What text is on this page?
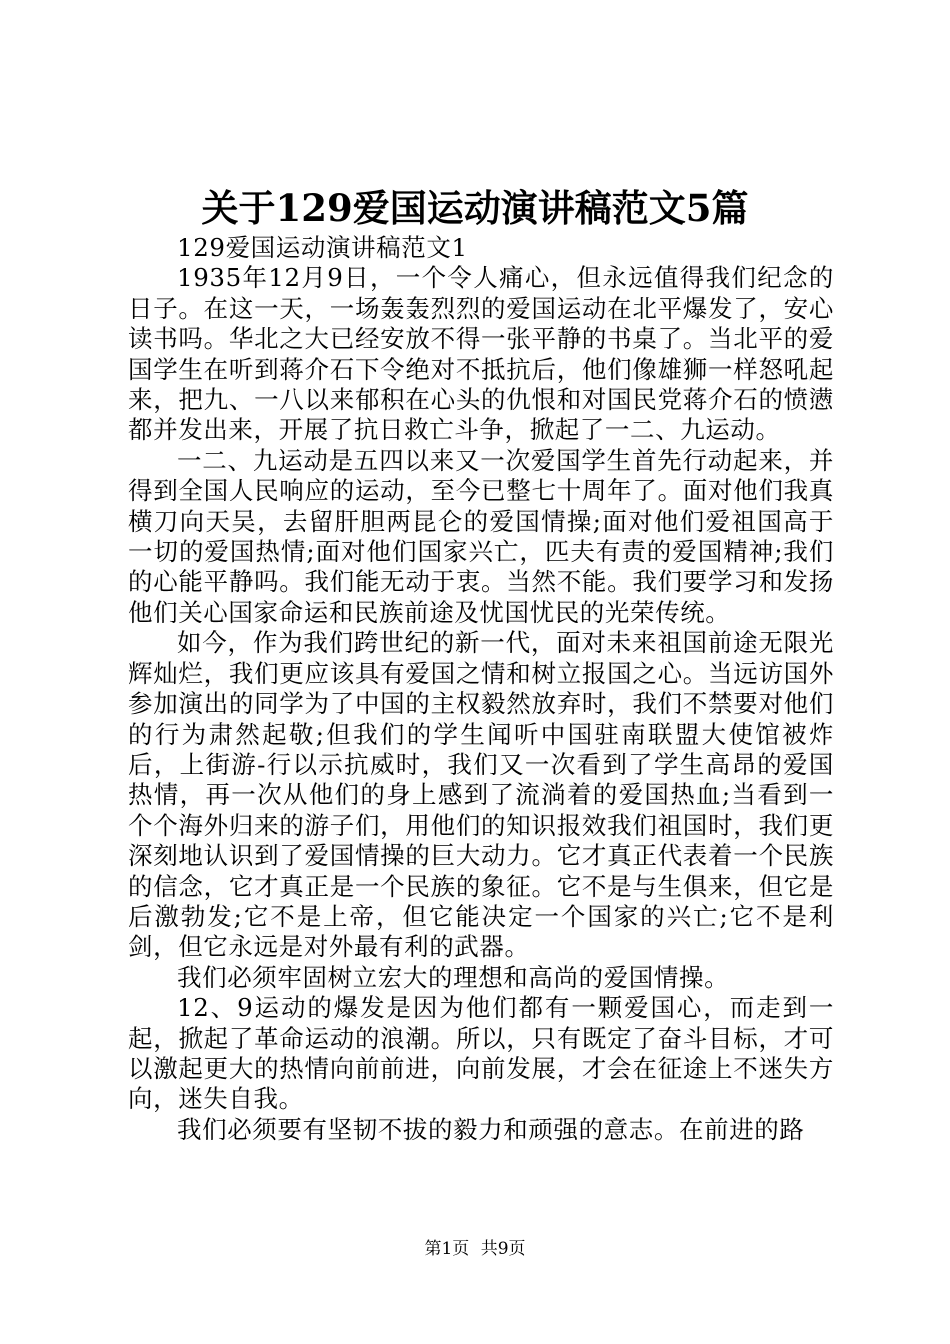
关于129爱国运动演讲稿范文5篇

129爱国运动演讲稿范文1

1935年12月9日，一个令人痛心，但永远值得我们纪念的日子。在这一天，一场轰轰烈烈的爱国运动在北平爆发了，安心读书吗。华北之大已经安放不得一张平静的书桌了。当北平的爱国学生在听到蒋介石下令绝对不抵抗后，他们像雄狮一样怒吼起来，把九、一八以来郁积在心头的仇恨和对国民党蒋介石的愤懑都并发出来，开展了抗日救亡斗争，掀起了一二、九运动。

一二、九运动是五四以来又一次爱国学生首先行动起来，并得到全国人民响应的运动，至今已整七十周年了。面对他们我真横刀向天吴，去留肝胆两昆仑的爱国情操;面对他们爱祖国高于一切的爱国热情;面对他们国家兴亡，匹夫有责的爱国精神;我们的心能平静吗。我们能无动于衷。当然不能。我们要学习和发扬他们关心国家命运和民族前途及忧国忧民的光荣传统。

如今，作为我们跨世纪的新一代，面对未来祖国前途无限光辉灿烂，我们更应该具有爱国之情和树立报国之心。当远访国外参加演出的同学为了中国的主权毅然放弃时，我们不禁要对他们的行为肃然起敬;但我们的学生闻听中国驻南联盟大使馆被炸后，上街游-行以示抗威时，我们又一次看到了学生高昂的爱国热情，再一次从他们的身上感到了流淌着的爱国热血;当看到一个个海外归来的游子们，用他们的知识报效我们祖国时，我们更深刻地认识到了爱国情操的巨大动力。它才真正代表着一个民族的信念，它才真正是一个民族的象征。它不是与生俱来，但它是后激勃发;它不是上帝，但它能决定一个国家的兴亡;它不是利剑，但它永远是对外最有利的武器。

我们必须牢固树立宏大的理想和高尚的爱国情操。

12、9运动的爆发是因为他们都有一颗爱国心，而走到一起，掀起了革命运动的浪潮。所以，只有既定了奋斗目标，才可以激起更大的热情向前前进，向前发展，才会在征途上不迷失方向，迷失自我。

我们必须要有坚韧不拔的毅力和顽强的意志。在前进的路

第1页 共9页
